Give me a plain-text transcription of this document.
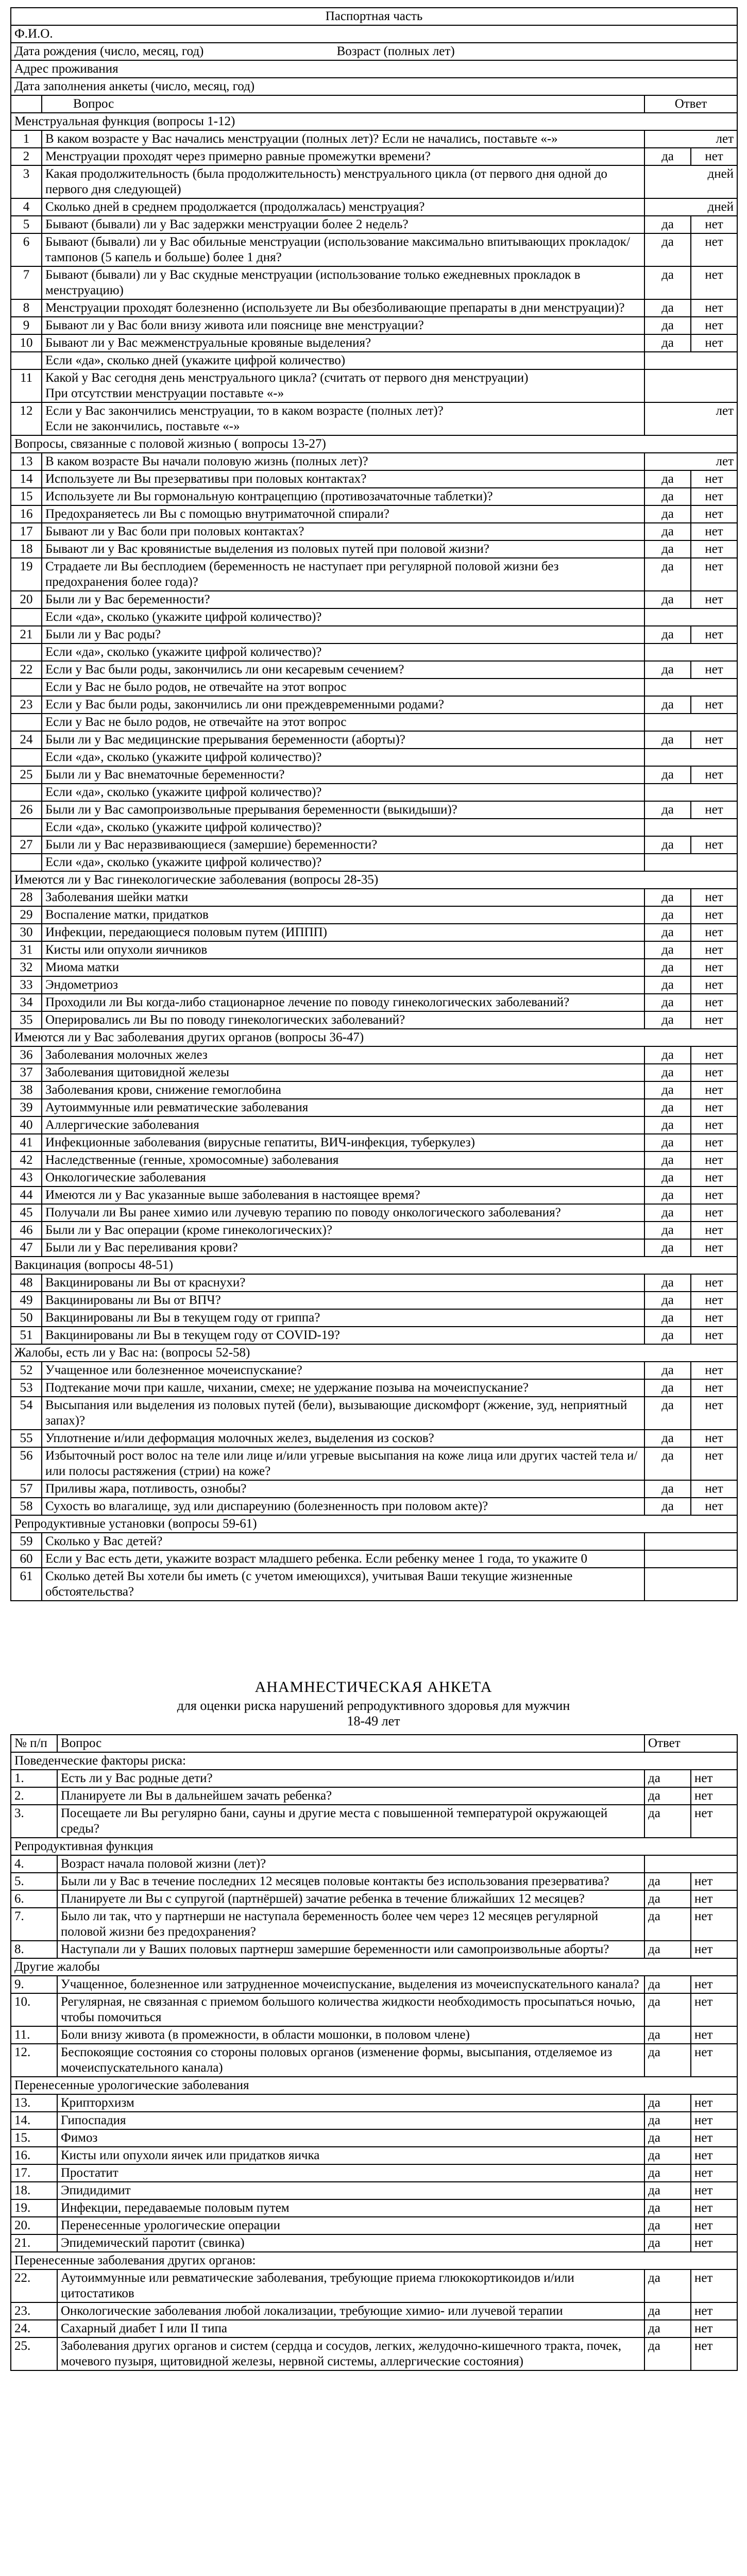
Паспортная часть			
Ф.И.О.			
Дата рождения (число, месяц, год) Возраст (полных лет)			
Адрес проживания			
Дата заполнения анкеты (число, месяц, год)			
	Вопрос	Ответ	
Менструальная функция (вопросы 1-12)			
1	В каком возрасте у Вас начались менструации (полных лет)? Если не начались, поставьте «-»	лет	
2	Менструации проходят через примерно равные промежутки времени?	да	нет
3	Какая продолжительность (была продолжительность) менструального цикла (от первого дня одной до первого дня следующей)	дней	
4	Сколько дней в среднем продолжается (продолжалась) менструация?	дней	
5	Бывают (бывали) ли у Вас задержки менструации более 2 недель?	да	нет
6	Бывают (бывали) ли у Вас обильные менструации (использование максимально впитывающих прокладок/тампонов (5 капель и больше) более 1 дня?	да	нет
7	Бывают (бывали) ли у Вас скудные менструации (использование только ежедневных прокладок в менструацию)	да	нет
8	Менструации проходят болезненно (используете ли Вы обезболивающие препараты в дни менструации)?	да	нет
9	Бывают ли у Вас боли внизу живота или пояснице вне менструации?	да	нет
10	Бывают ли у Вас межменструальные кровяные выделения?	да	нет
	Если «да», сколько дней (укажите цифрой количество)		
11	Какой у Вас сегодня день менструального цикла? (считать от первого дня менструации)
При отсутствии менструации поставьте «-»		
12	Если у Вас закончились менструации, то в каком возрасте (полных лет)?
Если не закончились, поставьте «-»	лет	
Вопросы, связанные с половой жизнью ( вопросы 13-27)			
13	В каком возрасте Вы начали половую жизнь (полных лет)?	лет	
14	Используете ли Вы презервативы при половых контактах?	да	нет
15	Используете ли Вы гормональную контрацепцию (противозачаточные таблетки)?	да	нет
16	Предохраняетесь ли Вы с помощью внутриматочной спирали?	да	нет
17	Бывают ли у Вас боли при половых контактах?	да	нет
18	Бывают ли у Вас кровянистые выделения из половых путей при половой жизни?	да	нет
19	Страдаете ли Вы бесплодием (беременность не наступает при регулярной половой жизни без предохранения более года)?	да	нет
20	Были ли у Вас беременности?	да	нет
	Если «да», сколько (укажите цифрой количество)?		
21	Были ли у Вас роды?	да	нет
	Если «да», сколько (укажите цифрой количество)?		
22	Если у Вас были роды, закончились ли они кесаревым сечением?	да	нет
	Если у Вас не было родов, не отвечайте на этот вопрос		
23	Если у Вас были роды, закончились ли они преждевременными родами?	да	нет
	Если у Вас не было родов, не отвечайте на этот вопрос		
24	Были ли у Вас медицинские прерывания беременности (аборты)?	да	нет
	Если «да», сколько (укажите цифрой количество)?		
25	Были ли у Вас внематочные беременности?	да	нет
	Если «да», сколько (укажите цифрой количество)?		
26	Были ли у Вас самопроизвольные прерывания беременности (выкидыши)?	да	нет
	Если «да», сколько (укажите цифрой количество)?		
27	Были ли у Вас неразвивающиеся (замершие) беременности?	да	нет
	Если «да», сколько (укажите цифрой количество)?		
Имеются ли у Вас гинекологические заболевания (вопросы 28-35)			
28	Заболевания шейки матки	да	нет
29	Воспаление матки, придатков	да	нет
30	Инфекции, передающиеся половым путем (ИППП)	да	нет
31	Кисты или опухоли яичников	да	нет
32	Миома матки	да	нет
33	Эндометриоз	да	нет
34	Проходили ли Вы когда-либо стационарное лечение по поводу гинекологических заболеваний?	да	нет
35	Оперировались ли Вы по поводу гинекологических заболеваний?	да	нет
Имеются ли у Вас заболевания других органов (вопросы 36-47)			
36	Заболевания молочных желез	да	нет
37	Заболевания щитовидной железы	да	нет
38	Заболевания крови, снижение гемоглобина	да	нет
39	Аутоиммунные или ревматические заболевания	да	нет
40	Аллергические заболевания	да	нет
41	Инфекционные заболевания (вирусные гепатиты, ВИЧ-инфекция, туберкулез)	да	нет
42	Наследственные (генные, хромосомные) заболевания	да	нет
43	Онкологические заболевания	да	нет
44	Имеются ли у Вас указанные выше заболевания в настоящее время?	да	нет
45	Получали ли Вы ранее химио или лучевую терапию по поводу онкологического заболевания?	да	нет
46	Были ли у Вас операции (кроме гинекологических)?	да	нет
47	Были ли у Вас переливания крови?	да	нет
Вакцинация (вопросы 48-51)			
48	Вакцинированы ли Вы от краснухи?	да	нет
49	Вакцинированы ли Вы от ВПЧ?	да	нет
50	Вакцинированы ли Вы в текущем году от гриппа?	да	нет
51	Вакцинированы ли Вы в текущем году от COVID-19?	да	нет
Жалобы, есть ли у Вас на: (вопросы 52-58)			
52	Учащенное или болезненное мочеиспускание?	да	нет
53	Подтекание мочи при кашле, чихании, смехе; не удержание позыва на мочеиспускание?	да	нет
54	Высыпания или выделения из половых путей (бели), вызывающие дискомфорт (жжение, зуд, неприятный запах)?	да	нет
55	Уплотнение и/или деформация молочных желез, выделения из сосков?	да	нет
56	Избыточный рост волос на теле или лице и/или угревые высыпания на коже лица или других частей тела и/или полосы растяжения (стрии) на коже?	да	нет
57	Приливы жара, потливость, ознобы?	да	нет
58	Сухость во влагалище, зуд или диспареунию (болезненность при половом акте)?	да	нет
Репродуктивные установки (вопросы 59-61)			
59	Сколько у Вас детей?		
60	Если у Вас есть дети, укажите возраст младшего ребенка. Если ребенку менее 1 года, то укажите 0		
61	Сколько детей Вы хотели бы иметь (с учетом имеющихся), учитывая Ваши текущие жизненные обстоятельства?		
АНАМНЕСТИЧЕСКАЯ АНКЕТА

для оценки риска нарушений репродуктивного здоровья для мужчин

18-49 лет

№ п/п	Вопрос	Ответ	
Поведенческие факторы риска:			
1.	Есть ли у Вас родные дети?	да	нет
2.	Планируете ли Вы в дальнейшем зачать ребенка?	да	нет
3.	Посещаете ли Вы регулярно бани, сауны и другие места с повышенной температурой окружающей среды?	да	нет
Репродуктивная функция			
4.	Возраст начала половой жизни (лет)?		
5.	Были ли у Вас в течение последних 12 месяцев половые контакты без использования презерватива?	да	нет
6.	Планируете ли Вы с супругой (партнёршей) зачатие ребенка в течение ближайших 12 месяцев?	да	нет
7.	Было ли так, что у партнерши не наступала беременность более чем через 12 месяцев регулярной половой жизни без предохранения?	да	нет
8.	Наступали ли у Ваших половых партнерш замершие беременности или самопроизвольные аборты?	да	нет
Другие жалобы			
9.	Учащенное, болезненное или затрудненное мочеиспускание, выделения из мочеиспускательного канала?	да	нет
10.	Регулярная, не связанная с приемом большого количества жидкости необходимость просыпаться ночью, чтобы помочиться	да	нет
11.	Боли внизу живота (в промежности, в области мошонки, в половом члене)	да	нет
12.	Беспокоящие состояния со стороны половых органов (изменение формы, высыпания, отделяемое из мочеиспускательного канала)	да	нет
Перенесенные урологические заболевания			
13.	Крипторхизм	да	нет
14.	Гипоспадия	да	нет
15.	Фимоз	да	нет
16.	Кисты или опухоли яичек или придатков яичка	да	нет
17.	Простатит	да	нет
18.	Эпидидимит	да	нет
19.	Инфекции, передаваемые половым путем	да	нет
20.	Перенесенные урологические операции	да	нет
21.	Эпидемический паротит (свинка)	да	нет
Перенесенные заболевания других органов:			
22.	Аутоиммунные или ревматические заболевания, требующие приема глюкокортикоидов и/или цитостатиков	да	нет
23.	Онкологические заболевания любой локализации, требующие химио- или лучевой терапии	да	нет
24.	Сахарный диабет I или II типа	да	нет
25.	Заболевания других органов и систем (сердца и сосудов, легких, желудочно-кишечного тракта, почек, мочевого пузыря, щитовидной железы, нервной системы, аллергические состояния)	да	нет
